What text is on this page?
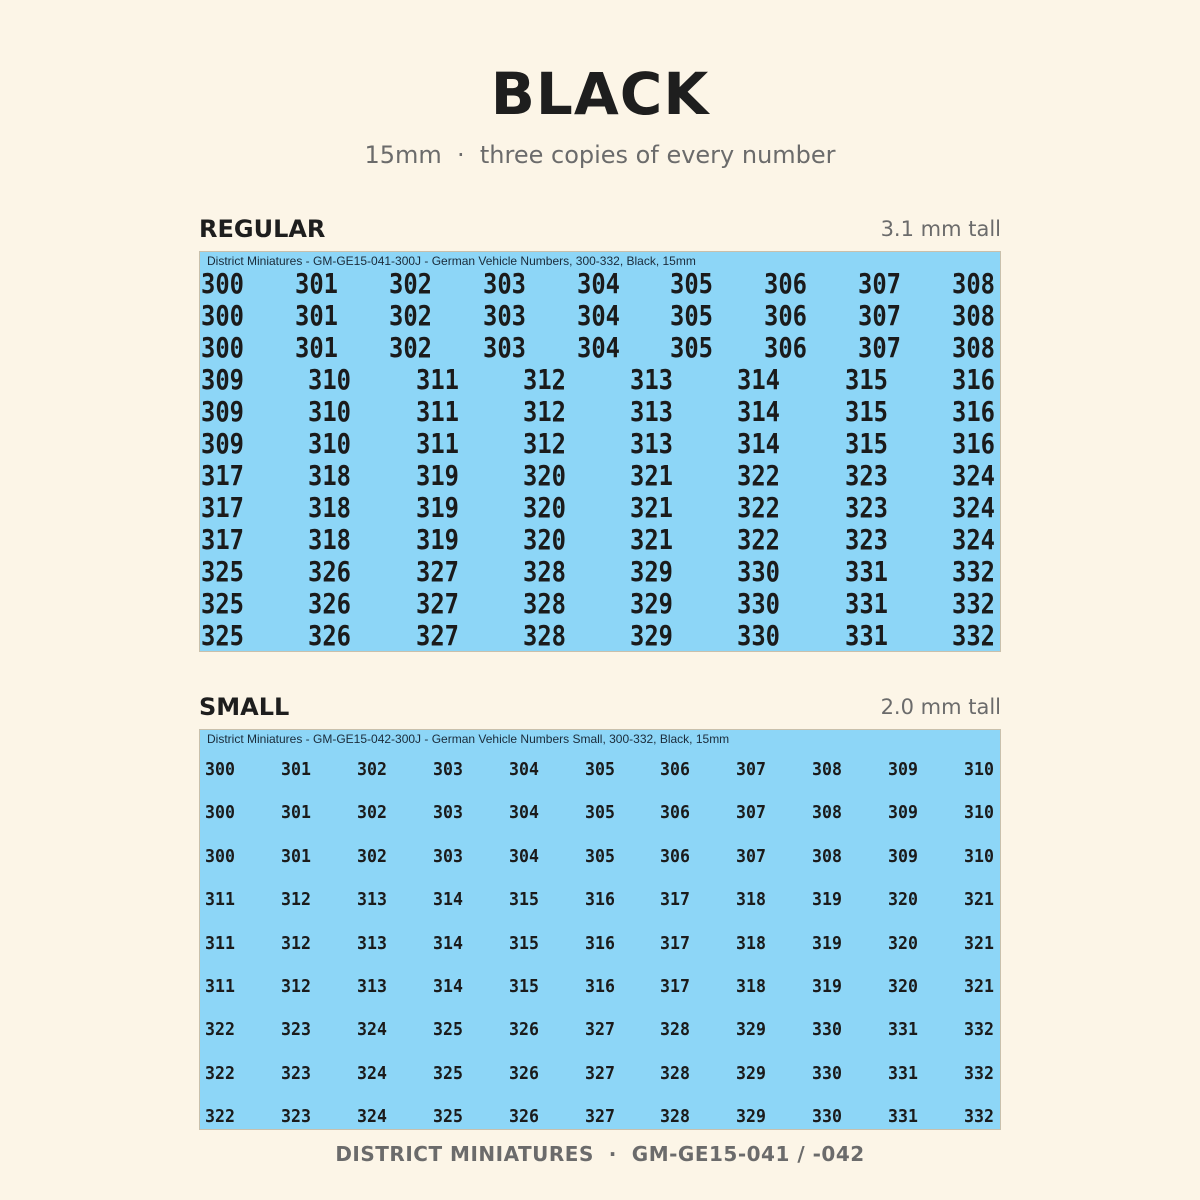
BLACK
15mm  ·  three copies of every number
REGULAR	3.1 mm tall
District Miniatures - GM-GE15-041-300J - German Vehicle Numbers, 300-332, Black, 15mm
300 301 302 303 304 305 306 307 308
300 301 302 303 304 305 306 307 308
300 301 302 303 304 305 306 307 308
309 310 311 312 313 314 315 316
309 310 311 312 313 314 315 316
309 310 311 312 313 314 315 316
317 318 319 320 321 322 323 324
317 318 319 320 321 322 323 324
317 318 319 320 321 322 323 324
325 326 327 328 329 330 331 332
325 326 327 328 329 330 331 332
325 326 327 328 329 330 331 332
SMALL	2.0 mm tall
District Miniatures - GM-GE15-042-300J - German Vehicle Numbers Small, 300-332, Black, 15mm
300	301	302	303	304	305	306	307	308	309	310
300	301	302	303	304	305	306	307	308	309	310
300	301	302	303	304	305	306	307	308	309	310
311	312	313	314	315	316	317	318	319	320	321
311	312	313	314	315	316	317	318	319	320	321
311	312	313	314	315	316	317	318	319	320	321
322	323	324	325	326	327	328	329	330	331	332
322	323	324	325	326	327	328	329	330	331	332
322	323	324	325	326	327	328	329	330	331	332
DISTRICT MINIATURES  ·  GM-GE15-041 / -042
